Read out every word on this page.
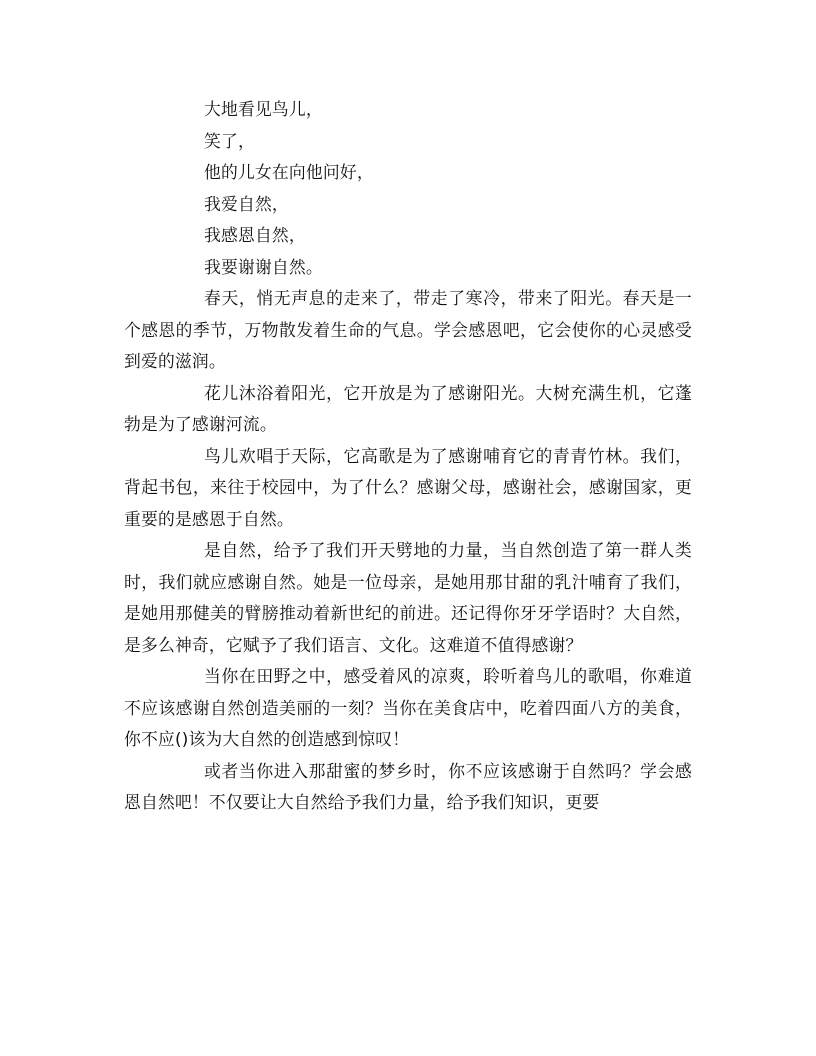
大地看见鸟儿，

笑了，

他的儿女在向他问好，

我爱自然，

我感恩自然，

我要谢谢自然。

春天，悄无声息的走来了，带走了寒冷，带来了阳光。春天是一个感恩的季节，万物散发着生命的气息。学会感恩吧，它会使你的心灵感受到爱的滋润。

花儿沐浴着阳光，它开放是为了感谢阳光。大树充满生机，它蓬勃是为了感谢河流。

鸟儿欢唱于天际，它高歌是为了感谢哺育它的青青竹林。我们，背起书包，来往于校园中，为了什么？感谢父母，感谢社会，感谢国家，更重要的是感恩于自然。

是自然，给予了我们开天劈地的力量，当自然创造了第一群人类时，我们就应感谢自然。她是一位母亲，是她用那甘甜的乳汁哺育了我们，是她用那健美的臂膀推动着新世纪的前进。还记得你牙牙学语时？大自然，是多么神奇，它赋予了我们语言、文化。这难道不值得感谢？

当你在田野之中，感受着风的凉爽，聆听着鸟儿的歌唱，你难道不应该感谢自然创造美丽的一刻？当你在美食店中，吃着四面八方的美食，你不应()该为大自然的创造感到惊叹！

或者当你进入那甜蜜的梦乡时，你不应该感谢于自然吗？学会感恩自然吧！不仅要让大自然给予我们力量，给予我们知识，更要
